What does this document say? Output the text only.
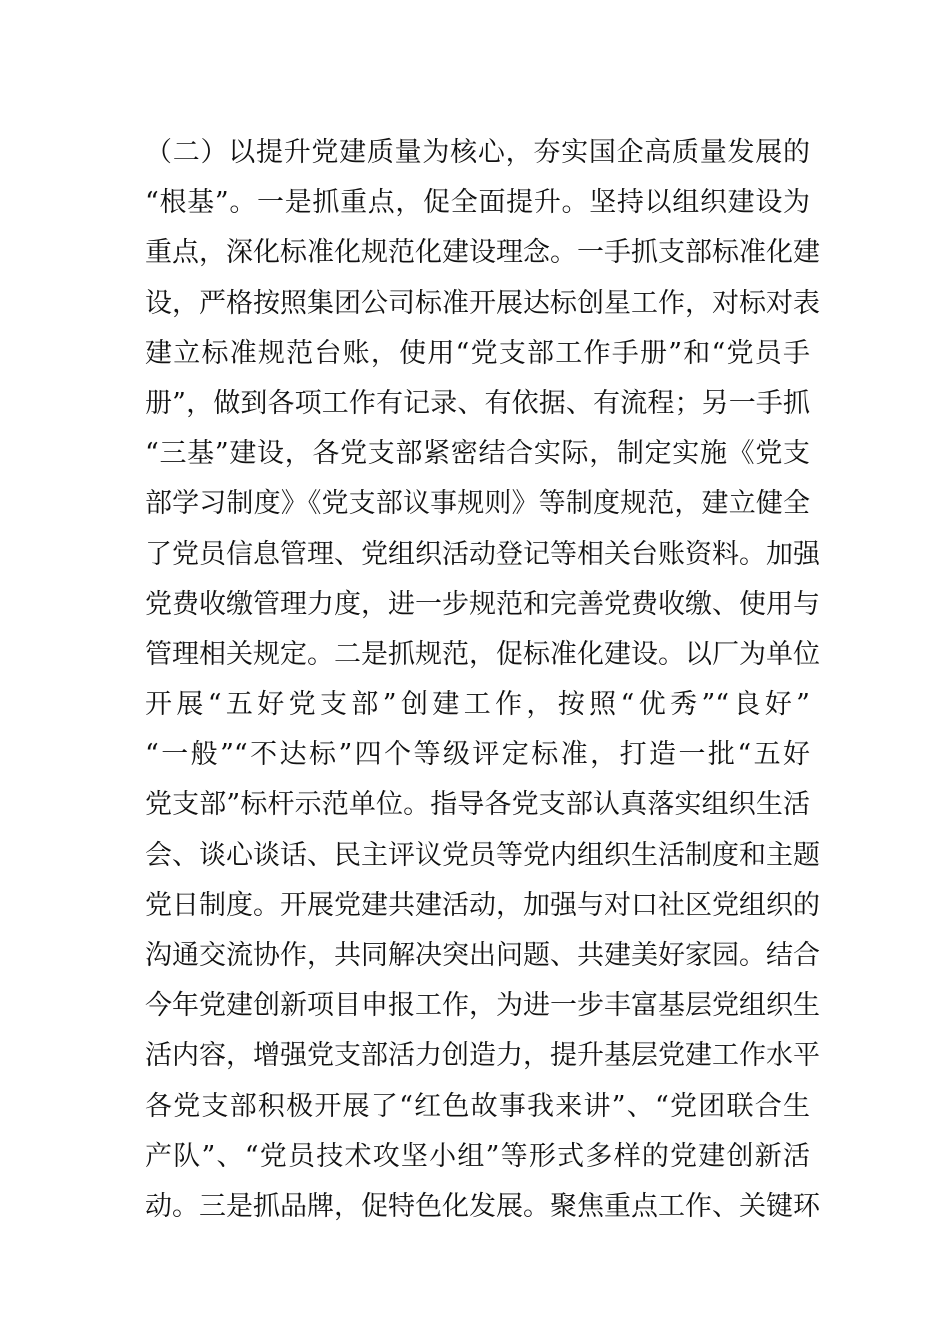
（二）以提升党建质量为核心，夯实国企高质量发展的
“根基”。一是抓重点，促全面提升。坚持以组织建设为
重点，深化标准化规范化建设理念。一手抓支部标准化建
设，严格按照集团公司标准开展达标创星工作，对标对表
建立标准规范台账，使用“党支部工作手册”和“党员手
册”，做到各项工作有记录、有依据、有流程；另一手抓
“三基”建设，各党支部紧密结合实际，制定实施《党支
部学习制度》《党支部议事规则》等制度规范，建立健全
了党员信息管理、党组织活动登记等相关台账资料。加强
党费收缴管理力度，进一步规范和完善党费收缴、使用与
管理相关规定。二是抓规范，促标准化建设。以厂为单位
开展“五好党支部”创建工作，按照“优秀”“良好”
“一般”“不达标”四个等级评定标准，打造一批“五好
党支部”标杆示范单位。指导各党支部认真落实组织生活
会、谈心谈话、民主评议党员等党内组织生活制度和主题
党日制度。开展党建共建活动，加强与对口社区党组织的
沟通交流协作，共同解决突出问题、共建美好家园。结合
今年党建创新项目申报工作，为进一步丰富基层党组织生
活内容，增强党支部活力创造力，提升基层党建工作水平
各党支部积极开展了“红色故事我来讲”、“党团联合生
产队”、“党员技术攻坚小组”等形式多样的党建创新活
动。三是抓品牌，促特色化发展。聚焦重点工作、关键环
